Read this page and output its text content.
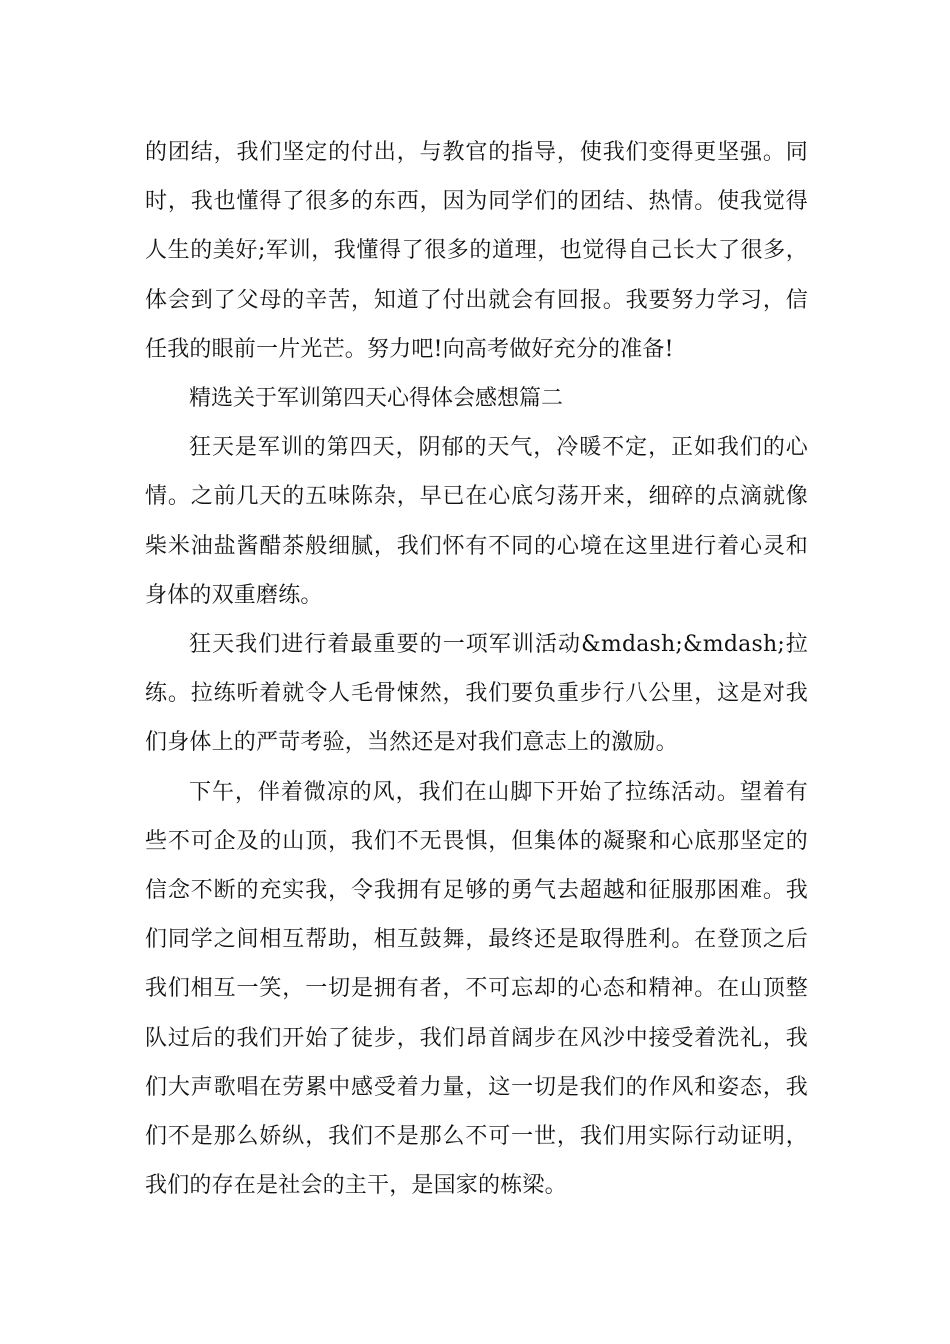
的团结，我们坚定的付出，与教官的指导，使我们变得更坚强。同时，我也懂得了很多的东西，因为同学们的团结、热情。使我觉得人生的美好;军训，我懂得了很多的道理，也觉得自己长大了很多，体会到了父母的辛苦，知道了付出就会有回报。我要努力学习，信任我的眼前一片光芒。努力吧!向高考做好充分的准备!

精选关于军训第四天心得体会感想篇二

狂天是军训的第四天，阴郁的天气，冷暖不定，正如我们的心情。之前几天的五味陈杂，早已在心底匀荡开来，细碎的点滴就像柴米油盐酱醋茶般细腻，我们怀有不同的心境在这里进行着心灵和身体的双重磨练。

狂天我们进行着最重要的一项军训活动&mdash;&mdash;拉练。拉练听着就令人毛骨悚然，我们要负重步行八公里，这是对我们身体上的严苛考验，当然还是对我们意志上的激励。

下午，伴着微凉的风，我们在山脚下开始了拉练活动。望着有些不可企及的山顶，我们不无畏惧，但集体的凝聚和心底那坚定的信念不断的充实我，令我拥有足够的勇气去超越和征服那困难。我们同学之间相互帮助，相互鼓舞，最终还是取得胜利。在登顶之后我们相互一笑，一切是拥有者，不可忘却的心态和精神。在山顶整队过后的我们开始了徒步，我们昂首阔步在风沙中接受着洗礼，我们大声歌唱在劳累中感受着力量，这一切是我们的作风和姿态，我们不是那么娇纵，我们不是那么不可一世，我们用实际行动证明，我们的存在是社会的主干，是国家的栋梁。
